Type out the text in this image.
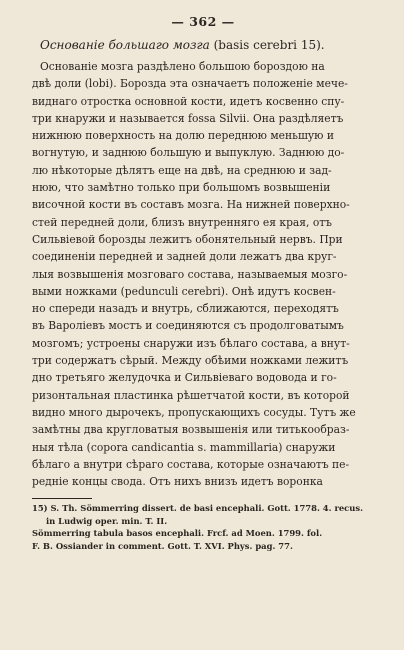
— 362 —
Основаніе большаго мозга (basis cerebri 15).

Основаніе мозга раздѣлено большою бороздою на
двѣ доли (lobi). Борозда эта означаетъ положеніе мече-
виднаго отростка основной кости, идетъ косвенно спу-
три кнаружи и называется fossa Silvii. Она раздѣляетъ
нижнюю поверхность на долю переднюю меньшую и
вогнутую, и заднюю большую и выпуклую. Заднюю до-
лю нѣкоторые дѣлятъ еще на двѣ, на среднюю и зад-
нюю, что замѣтно только при большомъ возвышеніи
височной кости въ составъ мозга. На нижней поверхно-
стей передней доли, близъ внутренняго ея края, отъ
Сильвіевой борозды лежитъ обонятельный нервъ. При
соединеніи передней и задней доли лежатъ два круг-
лыя возвышенія мозговаго состава, называемыя мозго-
выми ножками (pedunculi cerebri). Онѣ идутъ косвен-
но спереди назадъ и внутрь, сближаются, переходятъ
въ Варoліевъ мостъ и соединяются съ продолговатымъ
мозгомъ; устроены снаружи изъ бѣлаго состава, а внут-
три содержатъ сѣрый. Между обѣими ножками лежитъ
дно третьяго желудочка и Сильвіеваго водовода и го-
ризонтальная пластинка рѣшетчатой кости, въ которой
видно много дырочекъ, пропускающихъ сосуды. Тутъ же
замѣтны два кругловатыя возвышенія или титькообраз-
ныя тѣла (copora candicantia s. mammillaria) снаружи
бѣлаго а внутри сѣраго состава, которые означаютъ пе-
редніе концы свода. Отъ нихъ внизъ идетъ воронка

15) S. Th. Sömmerring dissert. de basi encephali. Gott. 1778. 4. recus.
in Ludwig oper. min. T. II.
Sömmerring tabula basos encephali. Frcf. ad Moen. 1799. fol.
F. B. Ossiander in comment. Gott. T. XVI. Phys. pag. 77.
